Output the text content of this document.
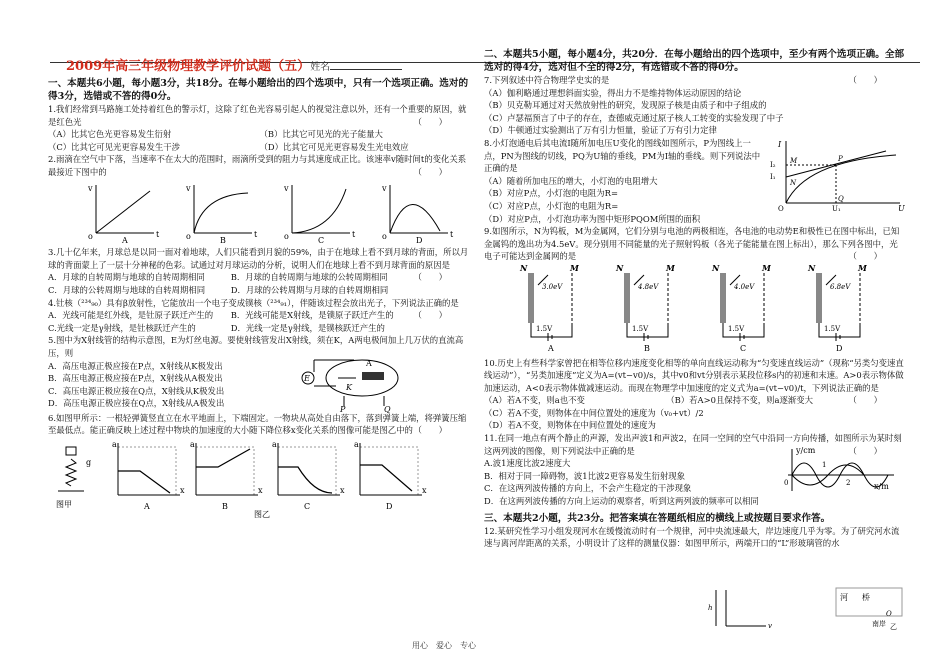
2009年高三年级物理教学评价试题（五）姓名

一、本题共6小题，每小题3分，共18分。在每小题给出的四个选项中，只有一个选项正确。选对的得3分，选错或不答的得0分。

1.我们经常到马路施工处持着红色的警示灯，这除了红色光容易引起人的视觉注意以外，还有一个重要的原因，就是红色光	（　　）

（A）比其它色光更容易发生衍射	（B）比其它可见光的光子能量大
（C）比其它可见光更容易发生干涉	（D）比其它可见光更容易发生光电效应

2.雨滴在空气中下落，当速率不在太大的范围时，雨滴所受到的阻力与其速度成正比。该速率v随时间t的变化关系最接近下图中的	（　　）

v
o	t
A
v
o	t
B
v
o	t
C
v
o	t
D

3.几十亿年来，月球总是以同一面对着地球，人们只能看到月貌的59%，由于在地球上看不到月球的背面，所以月球的背面蒙上了一层十分神秘的色彩。试通过对月球运动的分析，说明人们在地球上看不到月球背面的原因是
（　　）

A．月球的自转周期与地球的自转周期相同	B．月球的自转周期与地球的公转周期相同
C．月球的公转周期与地球的自转周期相同	D．月球的公转周期与月球的自转周期相同

4.钍核（²³⁴₉₀）具有β放射性，它能放出一个电子变成镤核（²³⁴₉₁），伴随该过程会放出光子，下列说法正确的是
（　　）

A．光线可能是红外线，是钍原子跃迁产生的	B．光线可能是X射线，是镤原子跃迁产生的
C.光线一定是γ射线，是钍核跃迁产生的	D．光线一定是γ射线，是镤核跃迁产生的

5.图中为X射线管的结构示意图，E为灯丝电源。要使射线管发出X射线，须在K，A两电极间加上几万伏的直流高压，则

A．高压电源正极应接在P点，X射线从K极发出

B．高压电源正极应接在P点，X射线从A极发出

C．高压电源正极应接在Q点，X射线从K极发出

D．高压电源正极应接在Q点，X射线从A极发出

A
K
E
P	Q

6.如图甲所示：一根轻弹簧竖直立在水平地面上，下端固定。一物块从高处自由落下，落到弹簧上端，将弹簧压缩至最低点。能正确反映上述过程中物块的加速度的大小随下降位移x变化关系的图像可能是图乙中的 （　　）

g
图甲
a
x
A
a
x
B
a
x
C
a
x
D
图乙

二、本题共5小题，每小题4分，共20分．在每小题给出的四个选项中，至少有两个选项正确。全部选对的得4分，选对但不全的得2分，有选错或不答的得0分。

7.下列叙述中符合物理学史实的是	（　　）

（A）伽利略通过理想斜面实验，得出力不是维持物体运动原因的结论

（B）贝克勒耳通过对天然放射性的研究，发现原子核是由质子和中子组成的

（C）卢瑟福预言了中子的存在，查德威克通过原子核人工转变的实验发现了中子

（D）牛顿通过实验测出了万有引力恒量，验证了万有引力定律

8.小灯泡通电后其电流I随所加电压U变化的图线如图所示，P为图线上一点，PN为图线的切线，PQ为U轴的垂线，PM为I轴的垂线。则下列说法中正确的是

（A）随着所加电压的增大，小灯泡的电阻增大

（B）对应P点，小灯泡的电阻为R=

（C）对应P点，小灯泡的电阻为R=

（D）对应P点，小灯泡功率为图中矩形PQOM所围的面积

I
I₂
I₁
O	U₁	U
P
M
N
Q

9.如图所示，N为钨板，M为金属网，它们分别与电池的两极相连，各电池的电动势E和极性已在图中标出，已知金属钨的逸出功为4.5eV。现分别用不同能量的光子照射钨板（各光子能能量在图上标出），那么下列各图中，光电子可能达到金属网的是	（　　）

N	M
3.0eV
1.5V
A
N	M
4.8eV
1.5V
B
N	M
4.0eV
1.5V
C
N	M
6.8eV
1.5V
D

10.历史上有些科学家曾把在相等位移内速度变化相等的单向直线运动称为“匀变速直线运动”（现称“另类匀变速直线运动”），“另类加速度”定义为A=(vt−v0)/s，其中v0和vt分别表示某段位移s内的初速和末速。A>0表示物体做加速运动，A<0表示物体做减速运动。而现在物理学中加速度的定义式为a=(vt−v0)/t，下列说法正确的是
（　　）

（A）若A不变，则a也不变	（B）若A>0且保持不变，则a逐渐变大

（C）若A不变，则物体在中间位置处的速度为（v₀+vt）/2

（D）若A不变，则物体在中间位置处的速度为

11.在同一地点有两个静止的声源，发出声波1和声波2，在同一空间的空气中沿同一方向传播，如图所示为某时刻这两列波的图像，则下列说法中正确的是	（　　）

A.波1速度比波2速度大

B．相对于同一障碍物，波1比波2更容易发生衍射现象

C．在这两列波传播的方向上，不会产生稳定的干涉现象

D．在这两列波传播的方向上运动的观察者，听到这两列波的频率可以相同

y/cm
x/m
1
2
0

三、本题共2小题，共23分。把答案填在答题纸相应的横线上或按题目要求作答。

12.某研究性学习小组发现河水在缓慢流动时有一个规律，河中央流速最大，岸边速度几乎为零。为了研究河水流速与离河岸距离的关系，小明设计了这样的测量仪器：如图甲所示，两端开口的“L”形玻璃管的水

h
v
河 桥
南岸
O
乙
用心　爱心　专心
